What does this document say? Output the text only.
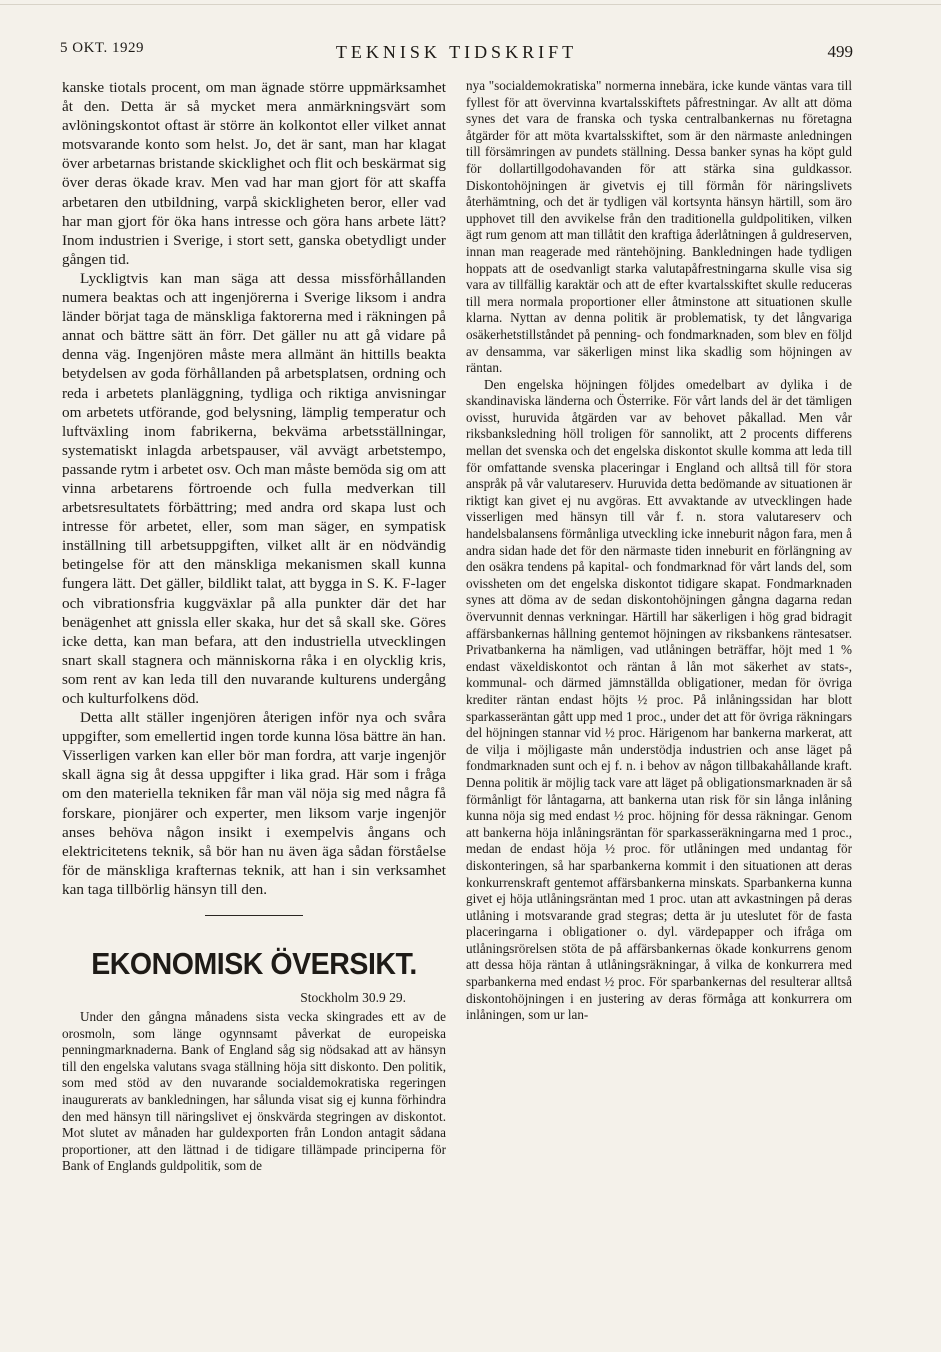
5 OKT. 1929	TEKNISK TIDSKRIFT	499

kanske tiotals procent, om man ägnade större uppmärksamhet åt den. Detta är så mycket mera anmärkningsvärt som avlöningskontot oftast är större än kolkontot eller vilket annat motsvarande konto som helst. Jo, det är sant, man har klagat över arbetarnas bristande skicklighet och flit och beskärmat sig över deras ökade krav. Men vad har man gjort för att skaffa arbetaren den utbildning, varpå skickligheten beror, eller vad har man gjort för öka hans intresse och göra hans arbete lätt? Inom industrien i Sverige, i stort sett, ganska obetydligt under gången tid.

Lyckligtvis kan man säga att dessa missförhållanden numera beaktas och att ingenjörerna i Sverige liksom i andra länder börjat taga de mänskliga faktorerna med i räkningen på annat och bättre sätt än förr. Det gäller nu att gå vidare på denna väg. Ingenjören måste mera allmänt än hittills beakta betydelsen av goda förhållanden på arbetsplatsen, ordning och reda i arbetets planläggning, tydliga och riktiga anvisningar om arbetets utförande, god belysning, lämplig temperatur och luftväxling inom fabrikerna, bekväma arbetsställningar, systematiskt inlagda arbetspauser, väl avvägt arbetstempo, passande rytm i arbetet osv. Och man måste bemöda sig om att vinna arbetarens förtroende och fulla medverkan till arbetsresultatets förbättring; med andra ord skapa lust och intresse för arbetet, eller, som man säger, en sympatisk inställning till arbetsuppgiften, vilket allt är en nödvändig betingelse för att den mänskliga mekanismen skall kunna fungera lätt. Det gäller, bildlikt talat, att bygga in S. K. F-lager och vibrationsfria kuggväxlar på alla punkter där det har benägenhet att gnissla eller skaka, hur det så skall ske. Göres icke detta, kan man befara, att den industriella utvecklingen snart skall stagnera och människorna råka i en olycklig kris, som rent av kan leda till den nuvarande kulturens undergång och kulturfolkens död.

Detta allt ställer ingenjören återigen inför nya och svåra uppgifter, som emellertid ingen torde kunna lösa bättre än han. Visserligen varken kan eller bör man fordra, att varje ingenjör skall ägna sig åt dessa uppgifter i lika grad. Här som i fråga om den materiella tekniken får man väl nöja sig med några få forskare, pionjärer och experter, men liksom varje ingenjör anses behöva någon insikt i exempelvis ångans och elektricitetens teknik, så bör han nu även äga sådan förståelse för de mänskliga krafternas teknik, att han i sin verksamhet kan taga tillbörlig hänsyn till den.

EKONOMISK ÖVERSIKT.
Stockholm 30.9 29.

Under den gångna månadens sista vecka skingrades ett av de orosmoln, som länge ogynnsamt påverkat de europeiska penningmarknaderna. Bank of England såg sig nödsakad att av hänsyn till den engelska valutans svaga ställning höja sitt diskonto. Den politik, som med stöd av den nuvarande socialdemokratiska regeringen inaugurerats av bankledningen, har sålunda visat sig ej kunna förhindra den med hänsyn till näringslivet ej önskvärda stegringen av diskontot. Mot slutet av månaden har guldexporten från London antagit sådana proportioner, att den lättnad i de tidigare tillämpade principerna för Bank of Englands guldpolitik, som de

nya "socialdemokratiska" normerna innebära, icke kunde väntas vara till fyllest för att övervinna kvartalsskiftets påfrestningar. Av allt att döma synes det vara de franska och tyska centralbankernas nu företagna åtgärder för att möta kvartalsskiftet, som är den närmaste anledningen till försämringen av pundets ställning. Dessa banker synas ha köpt guld för dollartillgodohavanden för att stärka sina guldkassor. Diskontohöjningen är givetvis ej till förmån för näringslivets återhämtning, och det är tydligen väl kortsynta hänsyn härtill, som äro upphovet till den avvikelse från den traditionella guldpolitiken, vilken ägt rum genom att man tillåtit den kraftiga åderlåtningen å guldreserven, innan man reagerade med räntehöjning. Bankledningen hade tydligen hoppats att de osedvanligt starka valutapåfrestningarna skulle visa sig vara av tillfällig karaktär och att de efter kvartalsskiftet skulle reduceras till mera normala proportioner eller åtminstone att situationen skulle klarna. Nyttan av denna politik är problematisk, ty det långvariga osäkerhetstillståndet på penning- och fondmarknaden, som blev en följd av densamma, var säkerligen minst lika skadlig som höjningen av räntan.

Den engelska höjningen följdes omedelbart av dylika i de skandinaviska länderna och Österrike. För vårt lands del är det tämligen ovisst, huruvida åtgärden var av behovet påkallad. Men vår riksbanksledning höll troligen för sannolikt, att 2 procents differens mellan det svenska och det engelska diskontot skulle komma att leda till för omfattande svenska placeringar i England och alltså till för stora anspråk på vår valutareserv. Huruvida detta bedömande av situationen är riktigt kan givet ej nu avgöras. Ett avvaktande av utvecklingen hade visserligen med hänsyn till vår f. n. stora valutareserv och handelsbalansens förmånliga utveckling icke inneburit någon fara, men å andra sidan hade det för den närmaste tiden inneburit en förlängning av den osäkra tendens på kapital- och fondmarknad för vårt lands del, som ovissheten om det engelska diskontot tidigare skapat. Fondmarknaden synes att döma av de sedan diskontohöjningen gångna dagarna redan övervunnit dennas verkningar. Härtill har säkerligen i hög grad bidragit affärsbankernas hållning gentemot höjningen av riksbankens räntesatser. Privatbankerna ha nämligen, vad utlåningen beträffar, höjt med 1 % endast växeldiskontot och räntan å lån mot säkerhet av stats-, kommunal- och därmed jämnställda obligationer, medan för övriga krediter räntan endast höjts ½ proc. På inlåningssidan har blott sparkasseräntan gått upp med 1 proc., under det att för övriga räkningars del höjningen stannar vid ½ proc. Härigenom har bankerna markerat, att de vilja i möjligaste mån understödja industrien och anse läget på fondmarknaden sunt och ej f. n. i behov av någon tillbakahållande kraft. Denna politik är möjlig tack vare att läget på obligationsmarknaden är så förmånligt för låntagarna, att bankerna utan risk för sin långa inlåning kunna nöja sig med endast ½ proc. höjning för dessa räkningar. Genom att bankerna höja inlåningsräntan för sparkasseräkningarna med 1 proc., medan de endast höja ½ proc. för utlåningen med undantag för diskonteringen, så har sparbankerna kommit i den situationen att deras konkurrenskraft gentemot affärsbankerna minskats. Sparbankerna kunna givet ej höja utlåningsräntan med 1 proc. utan att avkastningen på deras utlåning i motsvarande grad stegras; detta är ju uteslutet för de fasta placeringarna i obligationer o. dyl. värdepapper och ifråga om utlåningsrörelsen stöta de på affärsbankernas ökade konkurrens genom att dessa höja räntan å utlåningsräkningar, å vilka de konkurrera med sparbankerna med endast ½ proc. För sparbankernas del resulterar alltså diskontohöjningen i en justering av deras förmåga att konkurrera om inlåningen, som ur lan-
